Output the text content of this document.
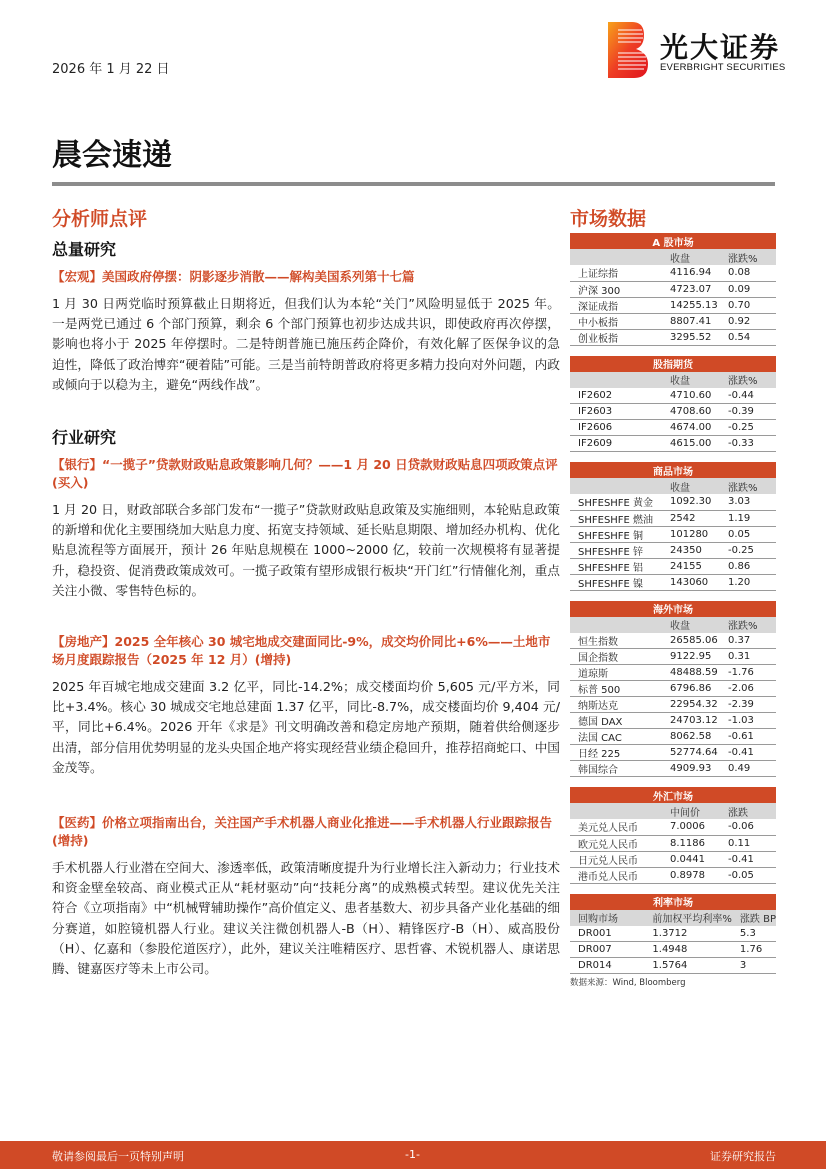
2026 年 1 月 22 日
光大证券
EVERBRIGHT SECURITIES
晨会速递
分析师点评
总量研究
【宏观】美国政府停摆：阴影逐步消散——解构美国系列第十七篇
1 月 30 日两党临时预算截止日期将近，但我们认为本轮“关门”风险明显低于 2025 年。一是两党已通过 6 个部门预算，剩余 6 个部门预算也初步达成共识，即使政府再次停摆，影响也将小于 2025 年停摆时。二是特朗普施已施压药企降价，有效化解了医保争议的急迫性，降低了政治博弈“硬着陆”可能。三是当前特朗普政府将更多精力投向对外问题，内政或倾向于以稳为主，避免“两线作战”。
行业研究
【银行】“一揽子”贷款财政贴息政策影响几何？——1 月 20 日贷款财政贴息四项政策点评(买入)
1 月 20 日，财政部联合多部门发布“一揽子”贷款财政贴息政策及实施细则，本轮贴息政策的新增和优化主要围绕加大贴息力度、拓宽支持领域、延长贴息期限、增加经办机构、优化贴息流程等方面展开，预计 26 年贴息规模在 1000~2000 亿，较前一次规模将有显著提升，稳投资、促消费政策成效可。一揽子政策有望形成银行板块“开门红”行情催化剂，重点关注小微、零售特色标的。
【房地产】2025 全年核心 30 城宅地成交建面同比-9%，成交均价同比+6%——土地市场月度跟踪报告（2025 年 12 月）(增持)
2025 年百城宅地成交建面 3.2 亿平，同比-14.2%；成交楼面均价 5,605 元/平方米，同比+3.4%。核心 30 城成交宅地总建面 1.37 亿平，同比-8.7%，成交楼面均价 9,404 元/平，同比+6.4%。2026 开年《求是》刊文明确改善和稳定房地产预期，随着供给侧逐步出清，部分信用优势明显的龙头央国企地产将实现经营业绩企稳回升，推荐招商蛇口、中国金茂等。
【医药】价格立项指南出台，关注国产手术机器人商业化推进——手术机器人行业跟踪报告(增持)
手术机器人行业潜在空间大、渗透率低，政策清晰度提升为行业增长注入新动力；行业技术和资金壁垒较高、商业模式正从“耗材驱动”向“技耗分离”的成熟模式转型。建议优先关注符合《立项指南》中“机械臂辅助操作”高价值定义、患者基数大、初步具备产业化基础的细分赛道，如腔镜机器人行业。建议关注微创机器人-B（H）、精锋医疗-B（H）、威高股份（H）、亿嘉和（参股佗道医疗），此外，建议关注唯精医疗、思哲睿、术锐机器人、康诺思腾、键嘉医疗等未上市公司。
市场数据
A 股市场		
	收盘	涨跌%
上证综指	4116.94	0.08
沪深 300	4723.07	0.09
深证成指	14255.13	0.70
中小板指	8807.41	0.92
创业板指	3295.52	0.54
股指期货		
	收盘	涨跌%
IF2602	4710.60	-0.44
IF2603	4708.60	-0.39
IF2606	4674.00	-0.25
IF2609	4615.00	-0.33
商品市场		
	收盘	涨跌%
SHFESHFE 黄金	1092.30	3.03
SHFESHFE 燃油	2542	1.19
SHFESHFE 铜	101280	0.05
SHFESHFE 锌	24350	-0.25
SHFESHFE 铝	24155	0.86
SHFESHFE 镍	143060	1.20
海外市场		
	收盘	涨跌%
恒生指数	26585.06	0.37
国企指数	9122.95	0.31
道琼斯	48488.59	-1.76
标普 500	6796.86	-2.06
纳斯达克	22954.32	-2.39
德国 DAX	24703.12	-1.03
法国 CAC	8062.58	-0.61
日经 225	52774.64	-0.41
韩国综合	4909.93	0.49
外汇市场		
	中间价	涨跌
美元兑人民币	7.0006	-0.06
欧元兑人民币	8.1186	0.11
日元兑人民币	0.0441	-0.41
港币兑人民币	0.8978	-0.05
利率市场		
回购市场	前加权平均利率%	涨跌 BP
DR001	1.3712	5.3
DR007	1.4948	1.76
DR014	1.5764	3
数据来源：Wind, Bloomberg
敬请参阅最后一页特别声明	-1-	证券研究报告
